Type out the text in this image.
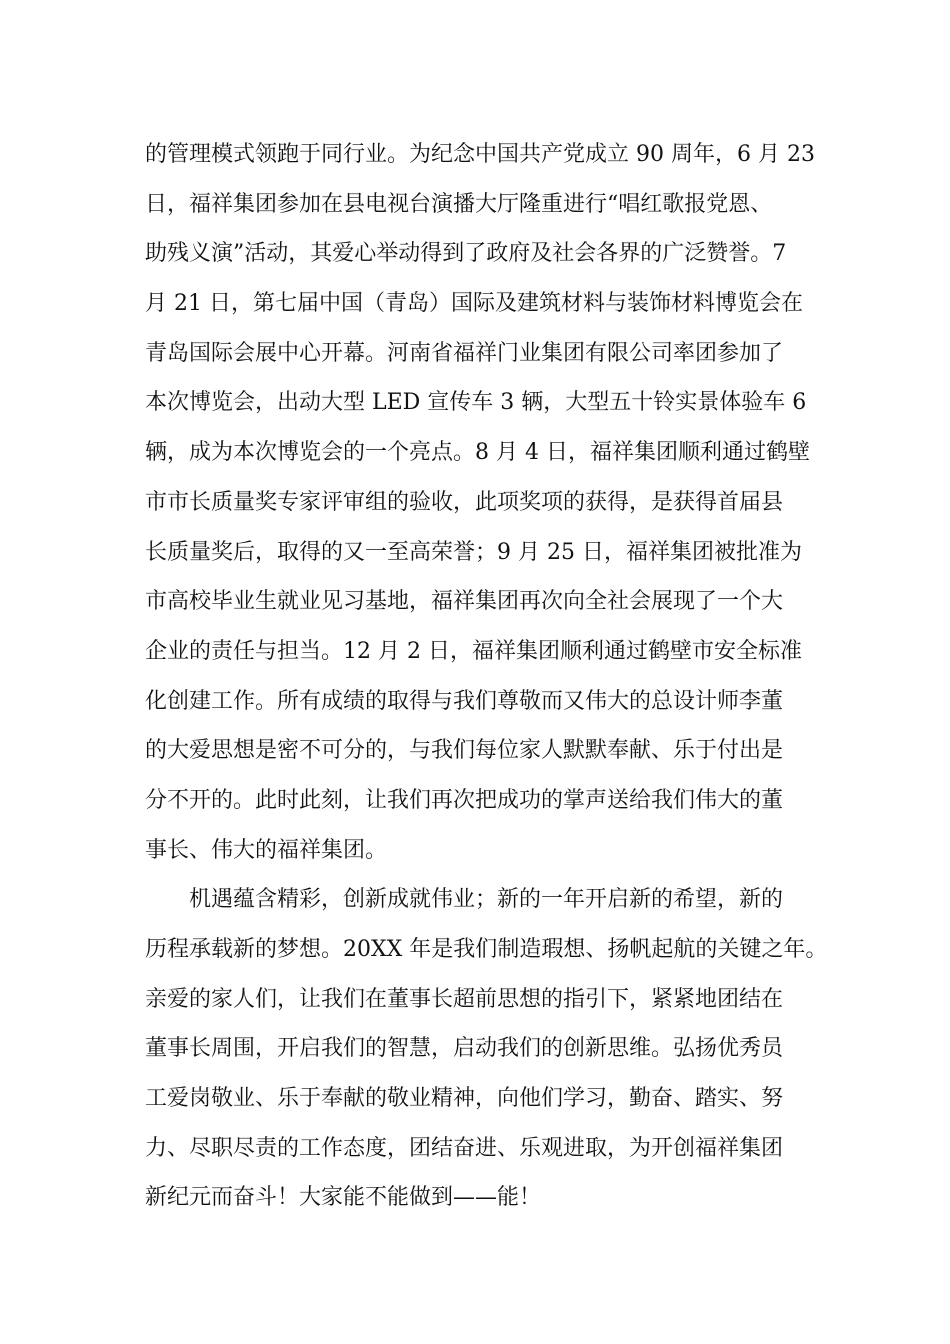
的管理模式领跑于同行业。为纪念中国共产党成立 90 周年，6 月 23
日，福祥集团参加在县电视台演播大厅隆重进行“唱红歌报党恩、
助残义演”活动，其爱心举动得到了政府及社会各界的广泛赞誉。7
月 21 日，第七届中国（青岛）国际及建筑材料与装饰材料博览会在
青岛国际会展中心开幕。河南省福祥门业集团有限公司率团参加了
本次博览会，出动大型 LED 宣传车 3 辆，大型五十铃实景体验车 6
辆，成为本次博览会的一个亮点。8 月 4 日，福祥集团顺利通过鹤壁
市市长质量奖专家评审组的验收，此项奖项的获得，是获得首届县
长质量奖后，取得的又一至高荣誉；9 月 25 日，福祥集团被批准为
市高校毕业生就业见习基地，福祥集团再次向全社会展现了一个大
企业的责任与担当。12 月 2 日，福祥集团顺利通过鹤壁市安全标准
化创建工作。所有成绩的取得与我们尊敬而又伟大的总设计师李董
的大爱思想是密不可分的，与我们每位家人默默奉献、乐于付出是
分不开的。此时此刻，让我们再次把成功的掌声送给我们伟大的董
事长、伟大的福祥集团。
　　机遇蕴含精彩，创新成就伟业；新的一年开启新的希望，新的
历程承载新的梦想。20XX 年是我们制造瑕想、扬帆起航的关键之年。
亲爱的家人们，让我们在董事长超前思想的指引下，紧紧地团结在
董事长周围，开启我们的智慧，启动我们的创新思维。弘扬优秀员
工爱岗敬业、乐于奉献的敬业精神，向他们学习，勤奋、踏实、努
力、尽职尽责的工作态度，团结奋进、乐观进取，为开创福祥集团
新纪元而奋斗！大家能不能做到——能！
